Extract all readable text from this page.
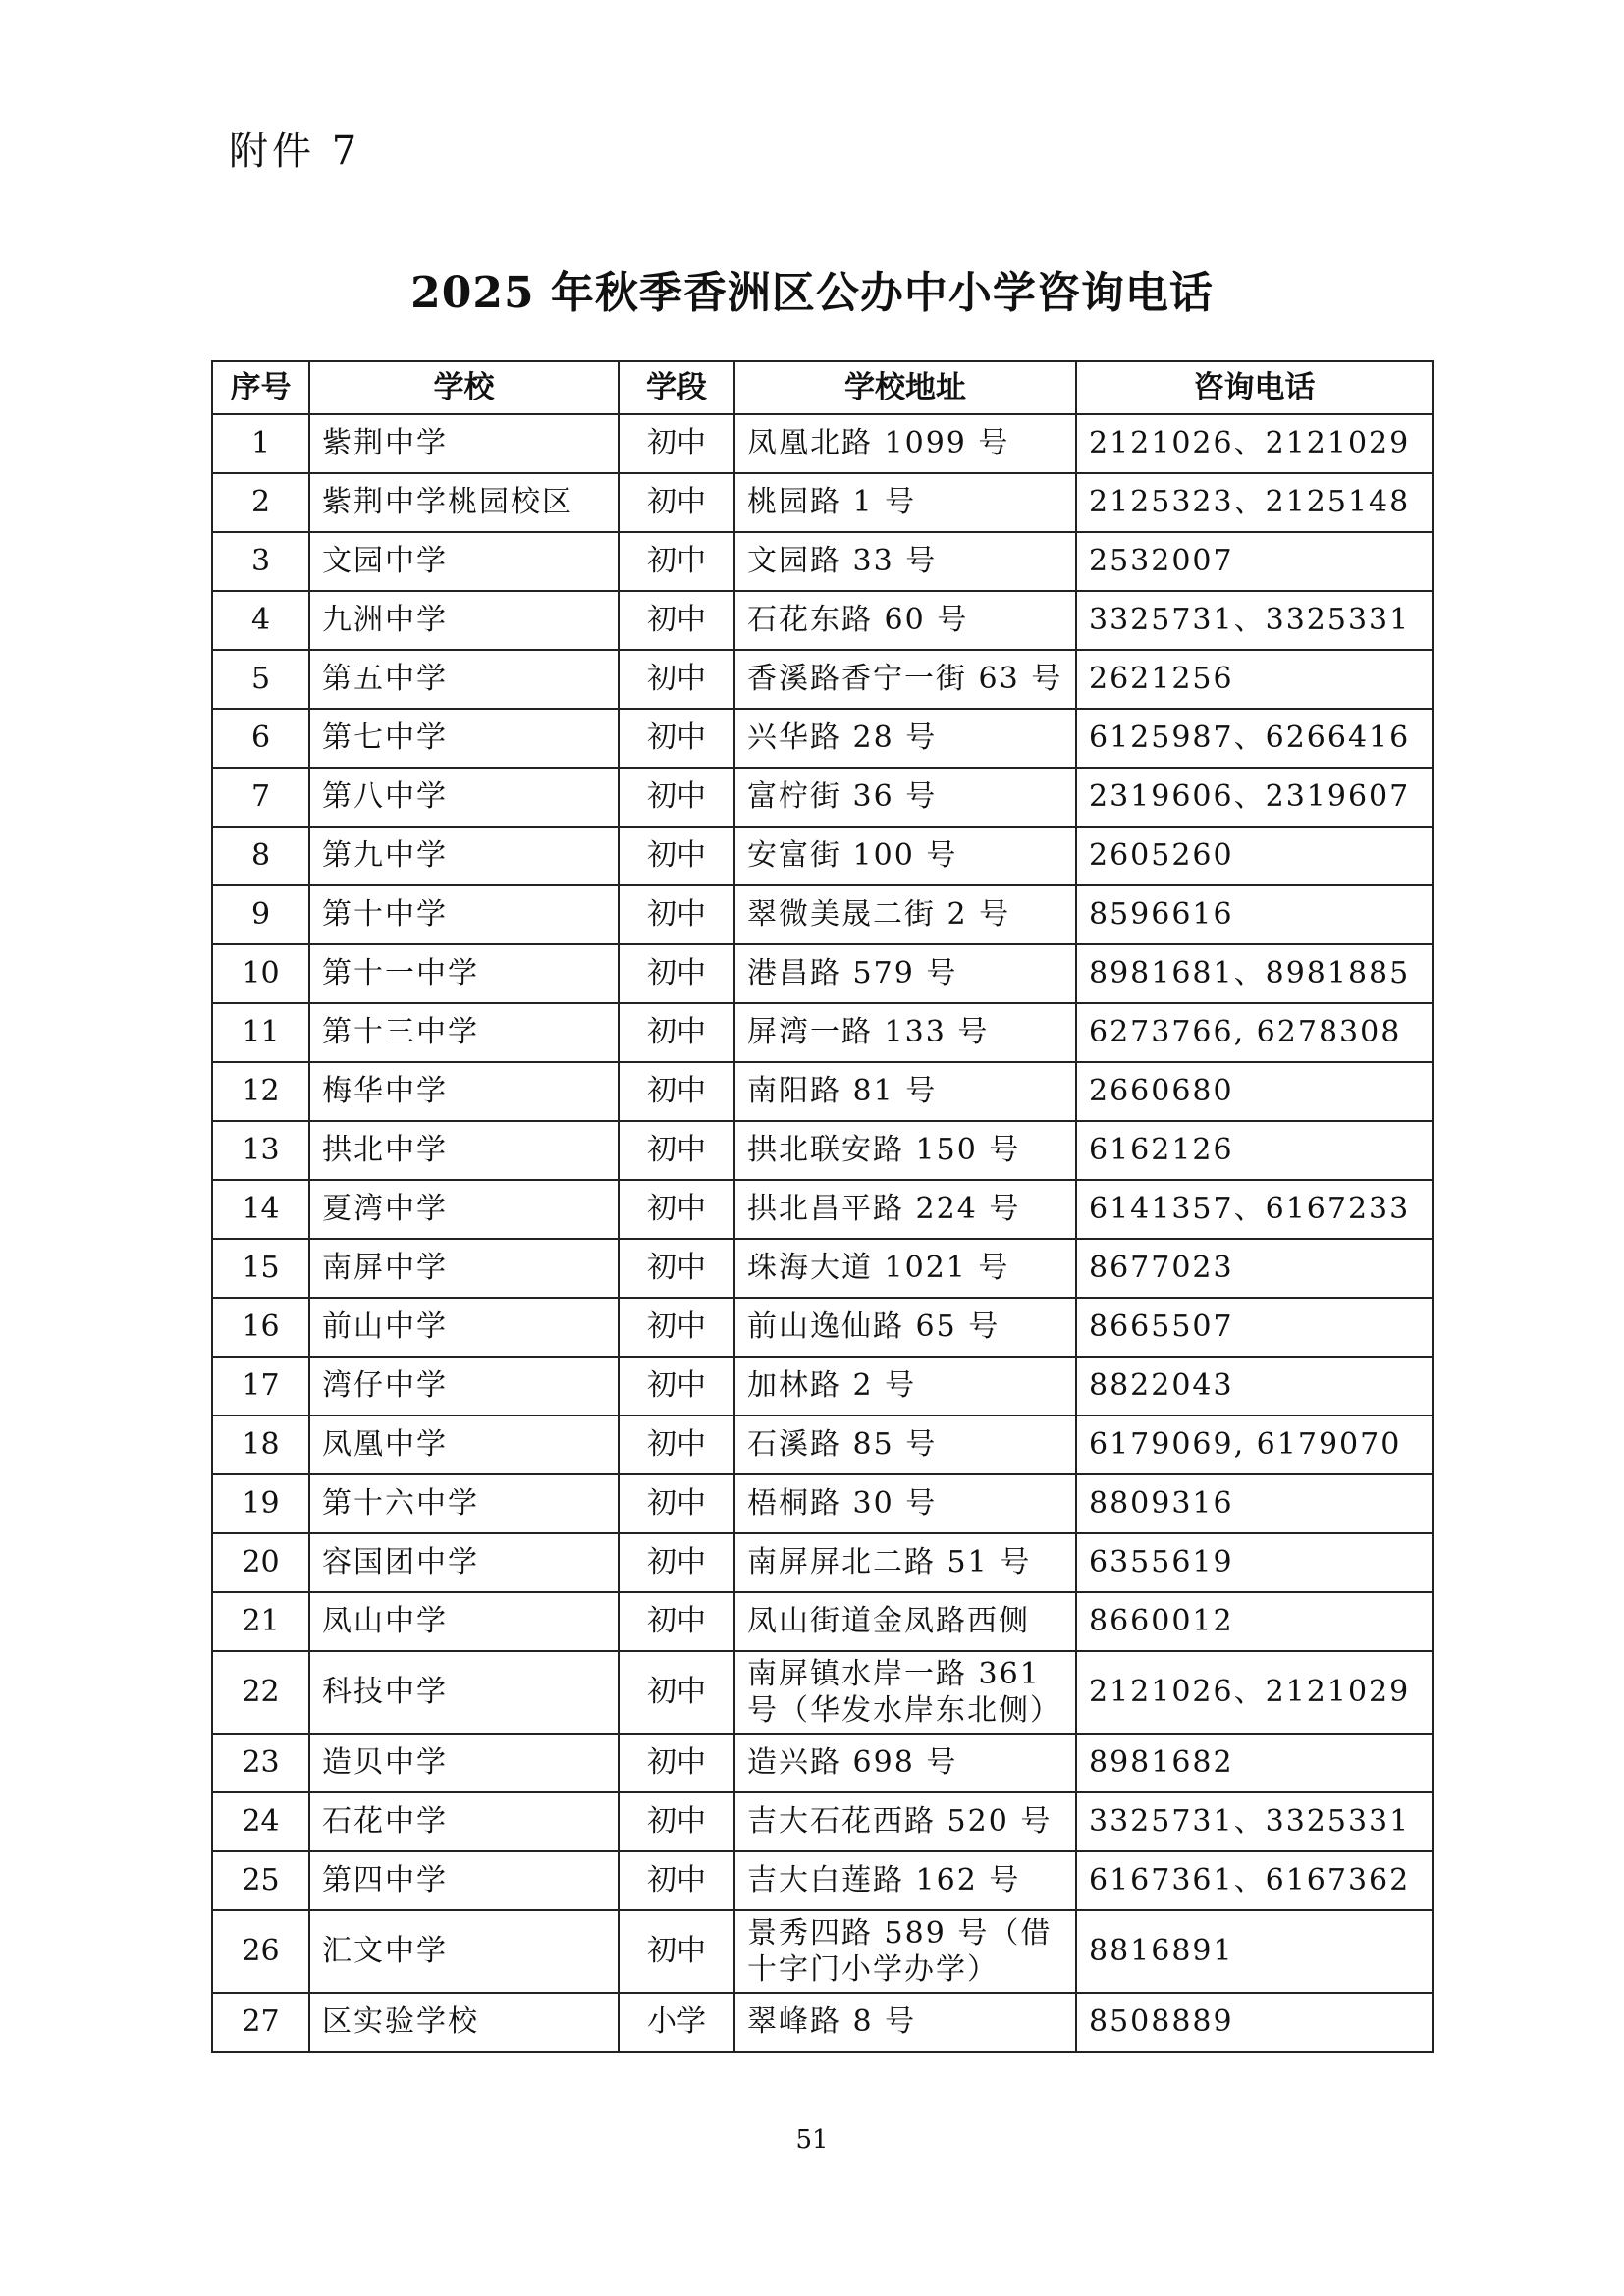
附件 7
2025 年秋季香洲区公办中小学咨询电话
序号	学校	学段	学校地址	咨询电话
1	紫荆中学	初中	凤凰北路 1099 号	2121026、2121029
2	紫荆中学桃园校区	初中	桃园路 1 号	2125323、2125148
3	文园中学	初中	文园路 33 号	2532007
4	九洲中学	初中	石花东路 60 号	3325731、3325331
5	第五中学	初中	香溪路香宁一街 63 号	2621256
6	第七中学	初中	兴华路 28 号	6125987、6266416
7	第八中学	初中	富柠街 36 号	2319606、2319607
8	第九中学	初中	安富街 100 号	2605260
9	第十中学	初中	翠微美晟二街 2 号	8596616
10	第十一中学	初中	港昌路 579 号	8981681、8981885
11	第十三中学	初中	屏湾一路 133 号	6273766, 6278308
12	梅华中学	初中	南阳路 81 号	2660680
13	拱北中学	初中	拱北联安路 150 号	6162126
14	夏湾中学	初中	拱北昌平路 224 号	6141357、6167233
15	南屏中学	初中	珠海大道 1021 号	8677023
16	前山中学	初中	前山逸仙路 65 号	8665507
17	湾仔中学	初中	加林路 2 号	8822043
18	凤凰中学	初中	石溪路 85 号	6179069, 6179070
19	第十六中学	初中	梧桐路 30 号	8809316
20	容国团中学	初中	南屏屏北二路 51 号	6355619
21	凤山中学	初中	凤山街道金凤路西侧	8660012
22	科技中学	初中	南屏镇水岸一路 361 号（华发水岸东北侧）	2121026、2121029
23	造贝中学	初中	造兴路 698 号	8981682
24	石花中学	初中	吉大石花西路 520 号	3325731、3325331
25	第四中学	初中	吉大白莲路 162 号	6167361、6167362
26	汇文中学	初中	景秀四路 589 号（借十字门小学办学）	8816891
27	区实验学校	小学	翠峰路 8 号	8508889
51
